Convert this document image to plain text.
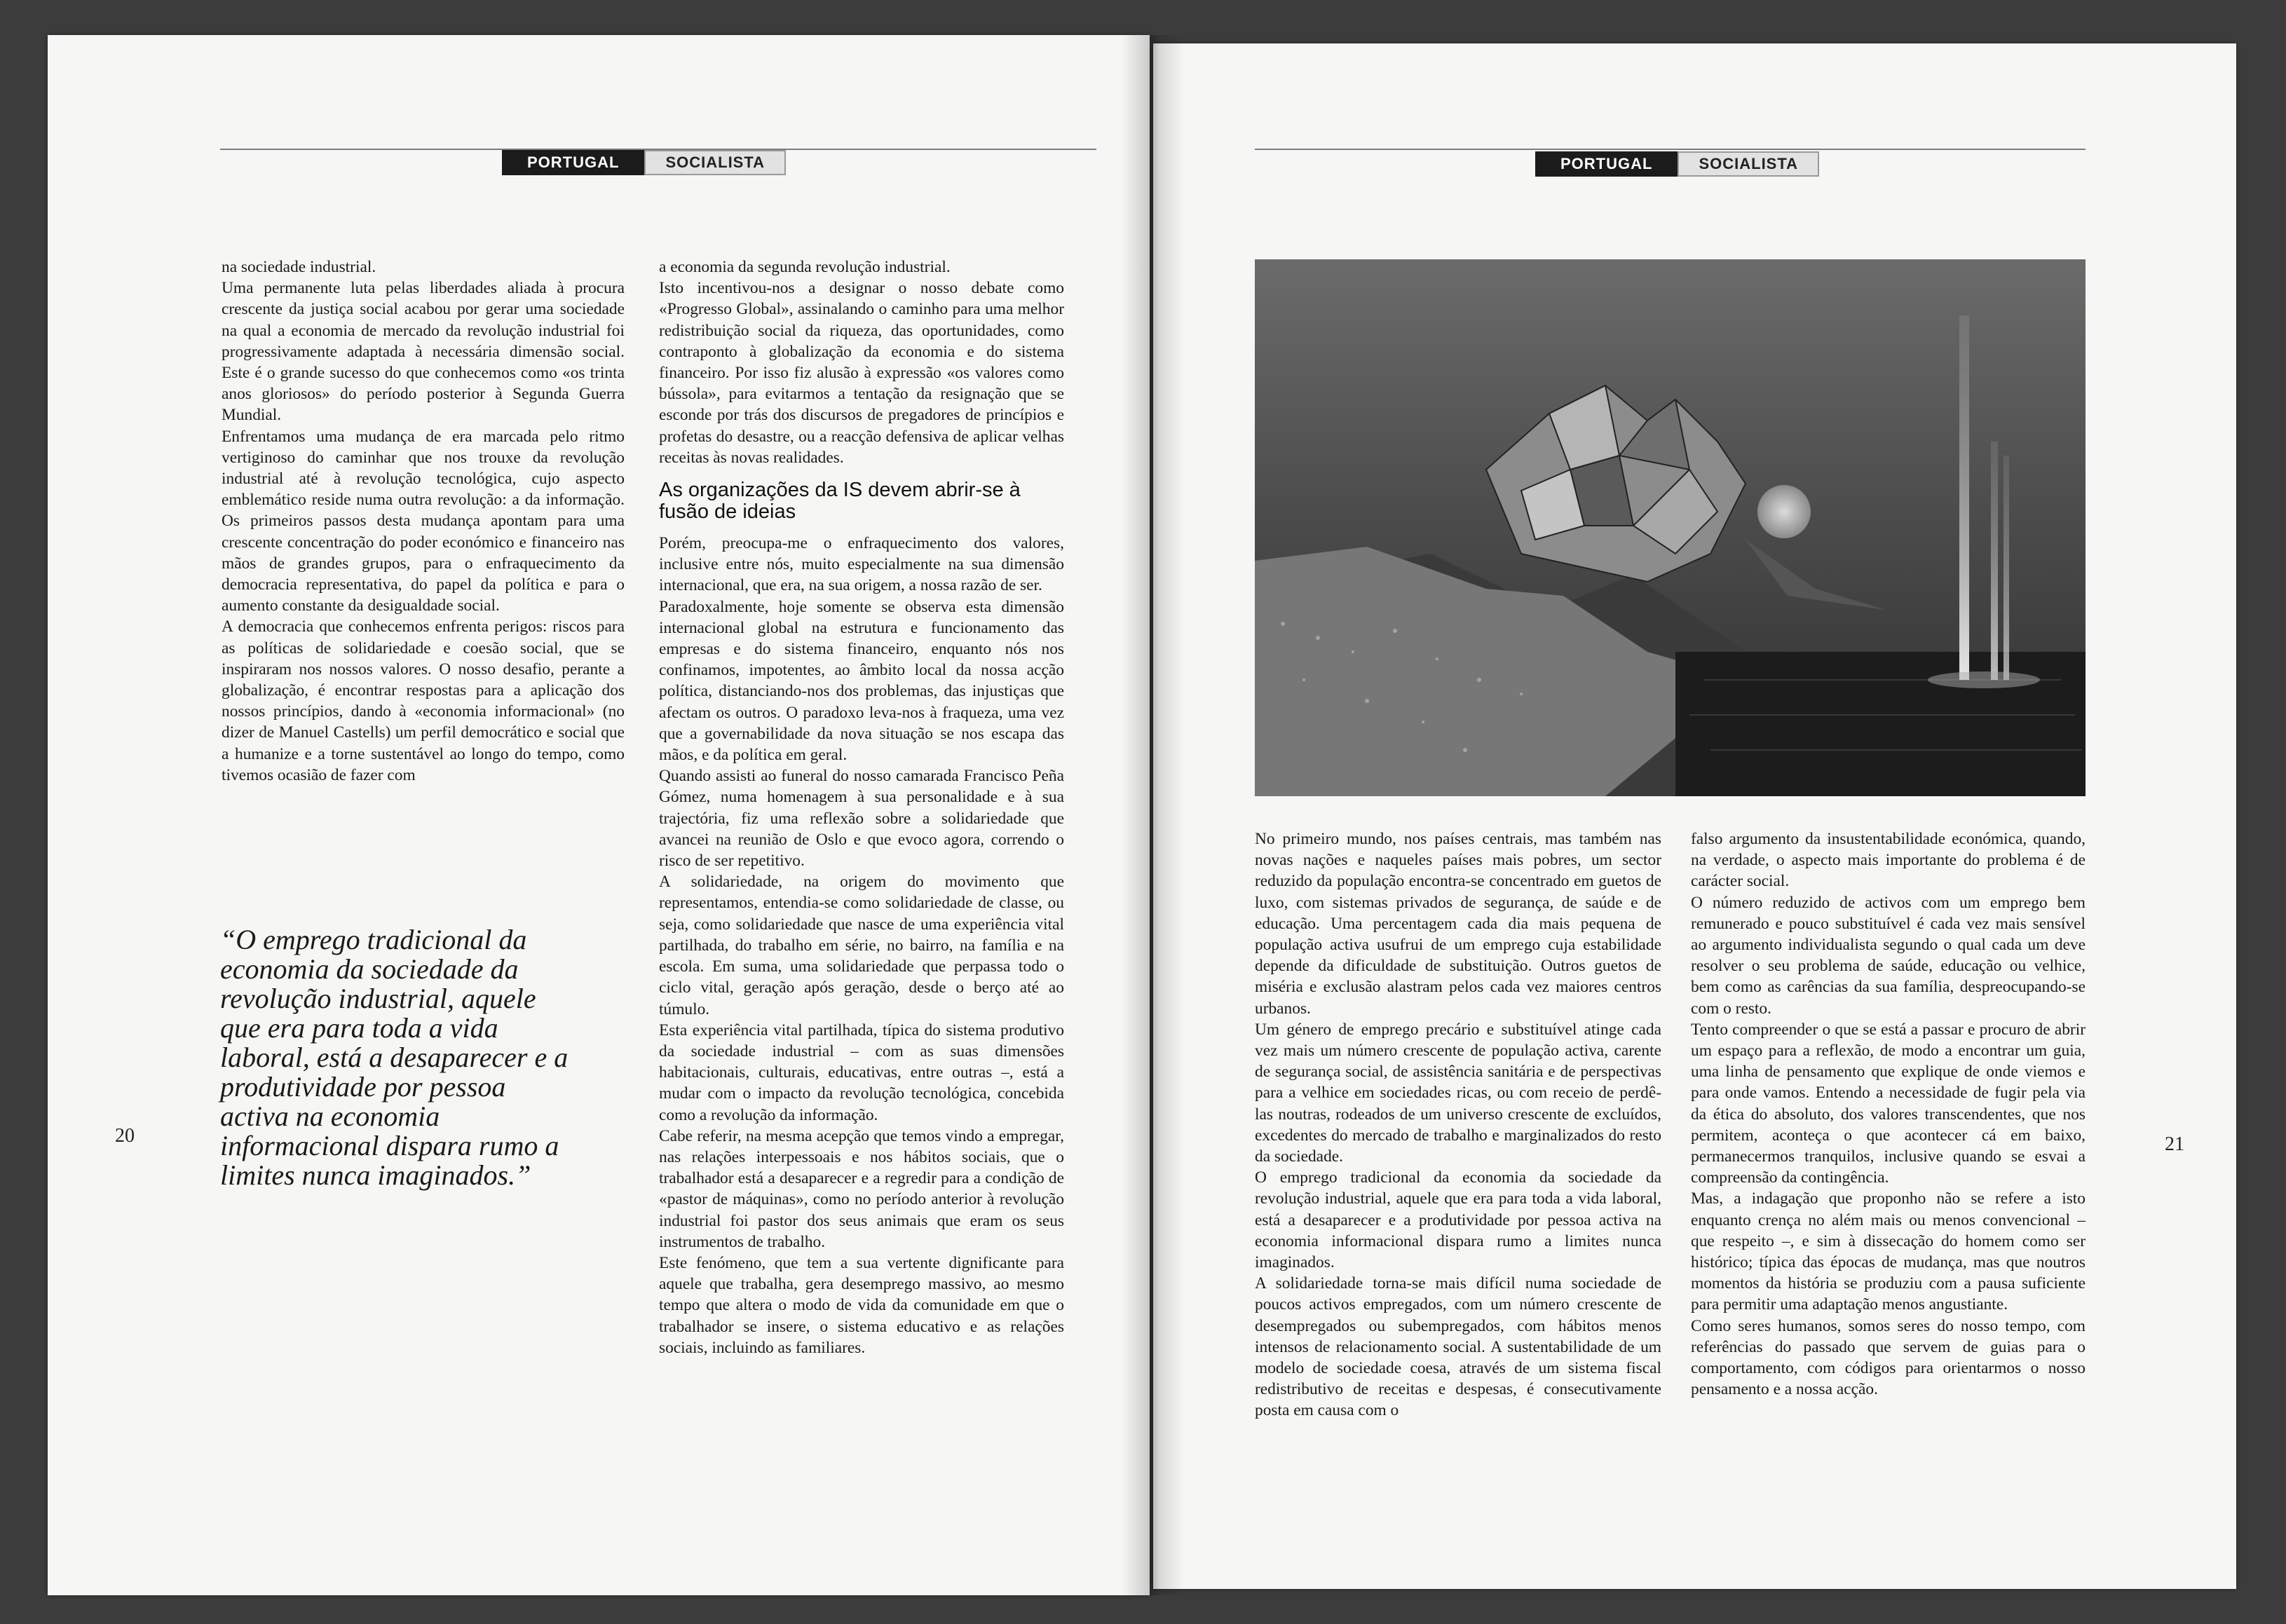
PORTUGAL	SOCIALISTA

na sociedade industrial.

Uma permanente luta pelas liberdades aliada à procura crescente da justiça social acabou por gerar uma sociedade na qual a economia de mercado da revolução industrial foi progressivamente adaptada à necessária dimensão social. Este é o grande sucesso do que conhecemos como «os trinta anos gloriosos» do período posterior à Segunda Guerra Mundial.

Enfrentamos uma mudança de era marcada pelo ritmo vertiginoso do caminhar que nos trouxe da revolução industrial até à revolução tecnológica, cujo aspecto emblemático reside numa outra revolução: a da informação. Os primeiros passos desta mudança apontam para uma crescente concentração do poder económico e financeiro nas mãos de grandes grupos, para o enfraquecimento da democracia representativa, do papel da política e para o aumento constante da desigualdade social.

A democracia que conhecemos enfrenta perigos: riscos para as políticas de solidariedade e coesão social, que se inspiraram nos nossos valores. O nosso desafio, perante a globalização, é encontrar respostas para a aplicação dos nossos princípios, dando à «economia informacional» (no dizer de Manuel Castells) um perfil democrático e social que a humanize e a torne sustentável ao longo do tempo, como tivemos ocasião de fazer com

“O emprego tradicional da economia da sociedade da revolução industrial, aquele que era para toda a vida laboral, está a desaparecer e a produtividade por pessoa activa na economia informacional dispara rumo a limites nunca imaginados.”

a economia da segunda revolução industrial.

Isto incentivou-nos a designar o nosso debate como «Progresso Global», assinalando o caminho para uma melhor redistribuição social da riqueza, das oportunidades, como contraponto à globalização da economia e do sistema financeiro. Por isso fiz alusão à expressão «os valores como bússola», para evitarmos a tentação da resignação que se esconde por trás dos discursos de pregadores de princípios e profetas do desastre, ou a reacção defensiva de aplicar velhas receitas às novas realidades.

As organizações da IS devem abrir-se à fusão de ideias

Porém, preocupa-me o enfraquecimento dos valores, inclusive entre nós, muito especialmente na sua dimensão internacional, que era, na sua origem, a nossa razão de ser.

Paradoxalmente, hoje somente se observa esta dimensão internacional global na estrutura e funcionamento das empresas e do sistema financeiro, enquanto nós nos confinamos, impotentes, ao âmbito local da nossa acção política, distanciando-nos dos problemas, das injustiças que afectam os outros. O paradoxo leva-nos à fraqueza, uma vez que a governabilidade da nova situação se nos escapa das mãos, e da política em geral.

Quando assisti ao funeral do nosso camarada Francisco Peña Gómez, numa homenagem à sua personalidade e à sua trajectória, fiz uma reflexão sobre a solidariedade que avancei na reunião de Oslo e que evoco agora, correndo o risco de ser repetitivo.

A solidariedade, na origem do movimento que representamos, entendia-se como solidariedade de classe, ou seja, como solidariedade que nasce de uma experiência vital partilhada, do trabalho em série, no bairro, na família e na escola. Em suma, uma solidariedade que perpassa todo o ciclo vital, geração após geração, desde o berço até ao túmulo.

Esta experiência vital partilhada, típica do sistema produtivo da sociedade industrial – com as suas dimensões habitacionais, culturais, educativas, entre outras –, está a mudar com o impacto da revolução tecnológica, concebida como a revolução da informação.

Cabe referir, na mesma acepção que temos vindo a empregar, nas relações interpessoais e nos hábitos sociais, que o trabalhador está a desaparecer e a regredir para a condição de «pastor de máquinas», como no período anterior à revolução industrial foi pastor dos seus animais que eram os seus instrumentos de trabalho.

Este fenómeno, que tem a sua vertente dignificante para aquele que trabalha, gera desemprego massivo, ao mesmo tempo que altera o modo de vida da comunidade em que o trabalhador se insere, o sistema educativo e as relações sociais, incluindo as familiares.

20
PORTUGAL	SOCIALISTA

No primeiro mundo, nos países centrais, mas também nas novas nações e naqueles países mais pobres, um sector reduzido da população encontra-se concentrado em guetos de luxo, com sistemas privados de segurança, de saúde e de educação. Uma percentagem cada dia mais pequena de população activa usufrui de um emprego cuja estabilidade depende da dificuldade de substituição. Outros guetos de miséria e exclusão alastram pelos cada vez maiores centros urbanos.

Um género de emprego precário e substituível atinge cada vez mais um número crescente de população activa, carente de segurança social, de assistência sanitária e de perspectivas para a velhice em sociedades ricas, ou com receio de perdê-las noutras, rodeados de um universo crescente de excluídos, excedentes do mercado de trabalho e marginalizados do resto da sociedade.

O emprego tradicional da economia da sociedade da revolução industrial, aquele que era para toda a vida laboral, está a desaparecer e a produtividade por pessoa activa na economia informacional dispara rumo a limites nunca imaginados.

A solidariedade torna-se mais difícil numa sociedade de poucos activos empregados, com um número crescente de desempregados ou subempregados, com hábitos menos intensos de relacionamento social. A sustentabilidade de um modelo de sociedade coesa, através de um sistema fiscal redistributivo de receitas e despesas, é consecutivamente posta em causa com o

falso argumento da insustentabilidade económica, quando, na verdade, o aspecto mais importante do problema é de carácter social.

O número reduzido de activos com um emprego bem remunerado e pouco substituível é cada vez mais sensível ao argumento individualista segundo o qual cada um deve resolver o seu problema de saúde, educação ou velhice, bem como as carências da sua família, despreocupando-se com o resto.

Tento compreender o que se está a passar e procuro de abrir um espaço para a reflexão, de modo a encontrar um guia, uma linha de pensamento que explique de onde viemos e para onde vamos. Entendo a necessidade de fugir pela via da ética do absoluto, dos valores transcendentes, que nos permitem, aconteça o que acontecer cá em baixo, permanecermos tranquilos, inclusive quando se esvai a compreensão da contingência.

Mas, a indagação que proponho não se refere a isto enquanto crença no além mais ou menos convencional – que respeito –, e sim à dissecação do homem como ser histórico; típica das épocas de mudança, mas que noutros momentos da história se produziu com a pausa suficiente para permitir uma adaptação menos angustiante.

Como seres humanos, somos seres do nosso tempo, com referências do passado que servem de guias para o comportamento, com códigos para orientarmos o nosso pensamento e a nossa acção.

21
